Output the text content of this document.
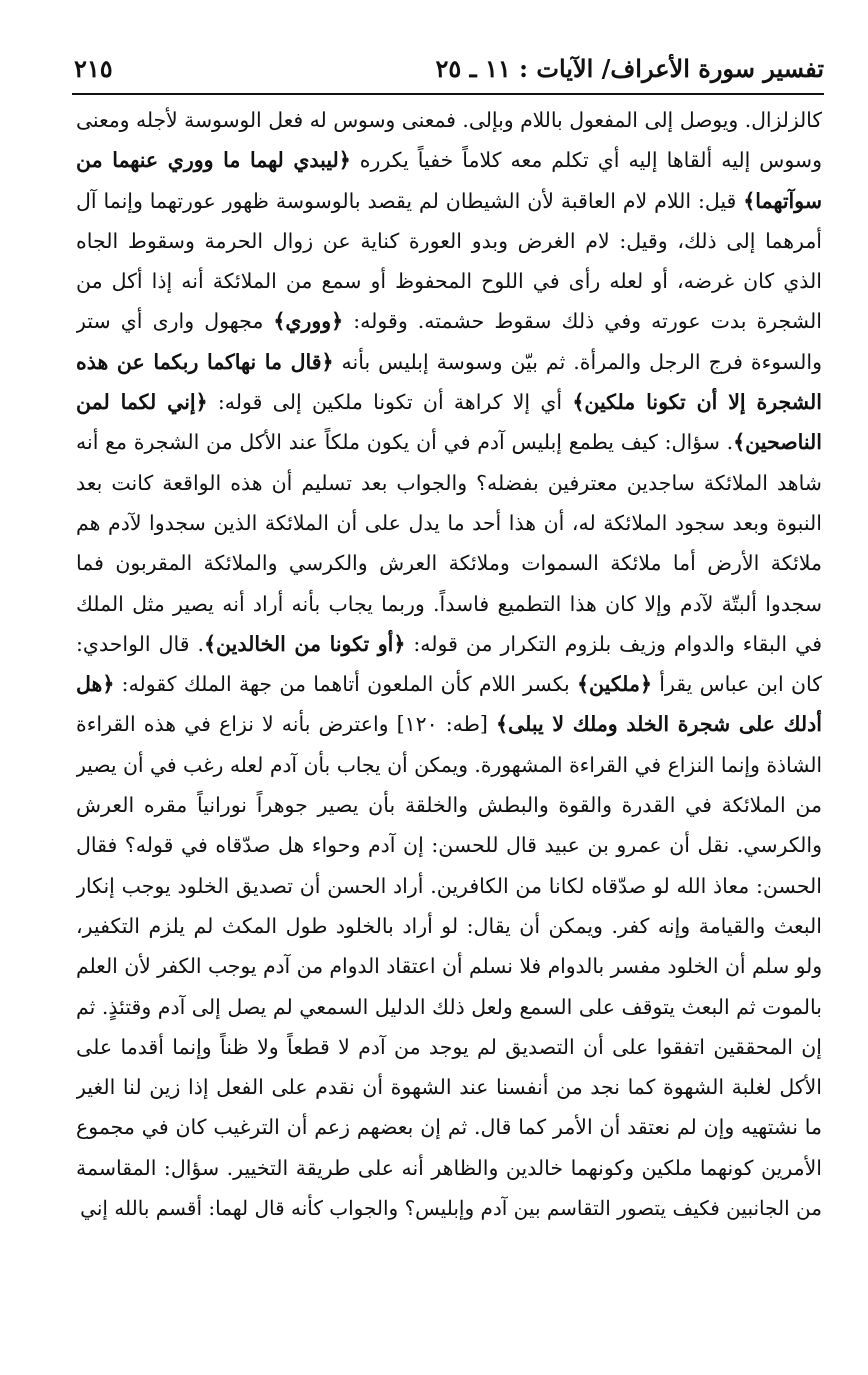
تفسير سورة الأعراف/ الآيات : ١١ ـ ٢٥
٢١٥
كالزلزال. ويوصل إلى المفعول باللام وبإلى. فمعنى وسوس له فعل الوسوسة لأجله ومعنى
وسوس إليه ألقاها إليه أي تكلم معه كلاماً خفياً يكرره ﴿ليبدي لهما ما ووري عنهما من
سوآتهما﴾ قيل: اللام لام العاقبة لأن الشيطان لم يقصد بالوسوسة ظهور عورتهما وإنما آل
أمرهما إلى ذلك، وقيل: لام الغرض وبدو العورة كناية عن زوال الحرمة وسقوط الجاه
الذي كان غرضه، أو لعله رأى في اللوح المحفوظ أو سمع من الملائكة أنه إذا أكل من
الشجرة بدت عورته وفي ذلك سقوط حشمته. وقوله: ﴿ووري﴾ مجهول وارى أي ستر
والسوءة فرج الرجل والمرأة. ثم بيّن وسوسة إبليس بأنه ﴿قال ما نهاكما ربكما عن هذه
الشجرة إلا أن تكونا ملكين﴾ أي إلا كراهة أن تكونا ملكين إلى قوله: ﴿إني لكما لمن
الناصحين﴾. سؤال: كيف يطمع إبليس آدم في أن يكون ملكاً عند الأكل من الشجرة مع أنه
شاهد الملائكة ساجدين معترفين بفضله؟ والجواب بعد تسليم أن هذه الواقعة كانت بعد
النبوة وبعد سجود الملائكة له، أن هذا أحد ما يدل على أن الملائكة الذين سجدوا لآدم هم
ملائكة الأرض أما ملائكة السموات وملائكة العرش والكرسي والملائكة المقربون فما
سجدوا ألبتّة لآدم وإلا كان هذا التطميع فاسداً. وربما يجاب بأنه أراد أنه يصير مثل الملك
في البقاء والدوام وزيف بلزوم التكرار من قوله: ﴿أو تكونا من الخالدين﴾. قال الواحدي:
كان ابن عباس يقرأ ﴿ملكين﴾ بكسر اللام كأن الملعون أتاهما من جهة الملك كقوله: ﴿هل
أدلك على شجرة الخلد وملك لا يبلى﴾ [طه: ١٢٠] واعترض بأنه لا نزاع في هذه القراءة
الشاذة وإنما النزاع في القراءة المشهورة. ويمكن أن يجاب بأن آدم لعله رغب في أن يصير
من الملائكة في القدرة والقوة والبطش والخلقة بأن يصير جوهراً نورانياً مقره العرش
والكرسي. نقل أن عمرو بن عبيد قال للحسن: إن آدم وحواء هل صدّقاه في قوله؟ فقال
الحسن: معاذ الله لو صدّقاه لكانا من الكافرين. أراد الحسن أن تصديق الخلود يوجب إنكار
البعث والقيامة وإنه كفر. ويمكن أن يقال: لو أراد بالخلود طول المكث لم يلزم التكفير،
ولو سلم أن الخلود مفسر بالدوام فلا نسلم أن اعتقاد الدوام من آدم يوجب الكفر لأن العلم
بالموت ثم البعث يتوقف على السمع ولعل ذلك الدليل السمعي لم يصل إلى آدم وقتئذٍ. ثم
إن المحققين اتفقوا على أن التصديق لم يوجد من آدم لا قطعاً ولا ظناً وإنما أقدما على
الأكل لغلبة الشهوة كما نجد من أنفسنا عند الشهوة أن نقدم على الفعل إذا زين لنا الغير
ما نشتهيه وإن لم نعتقد أن الأمر كما قال. ثم إن بعضهم زعم أن الترغيب كان في مجموع
الأمرين كونهما ملكين وكونهما خالدين والظاهر أنه على طريقة التخيير. سؤال: المقاسمة
من الجانبين فكيف يتصور التقاسم بين آدم وإبليس؟ والجواب كأنه قال لهما: أقسم بالله إني
